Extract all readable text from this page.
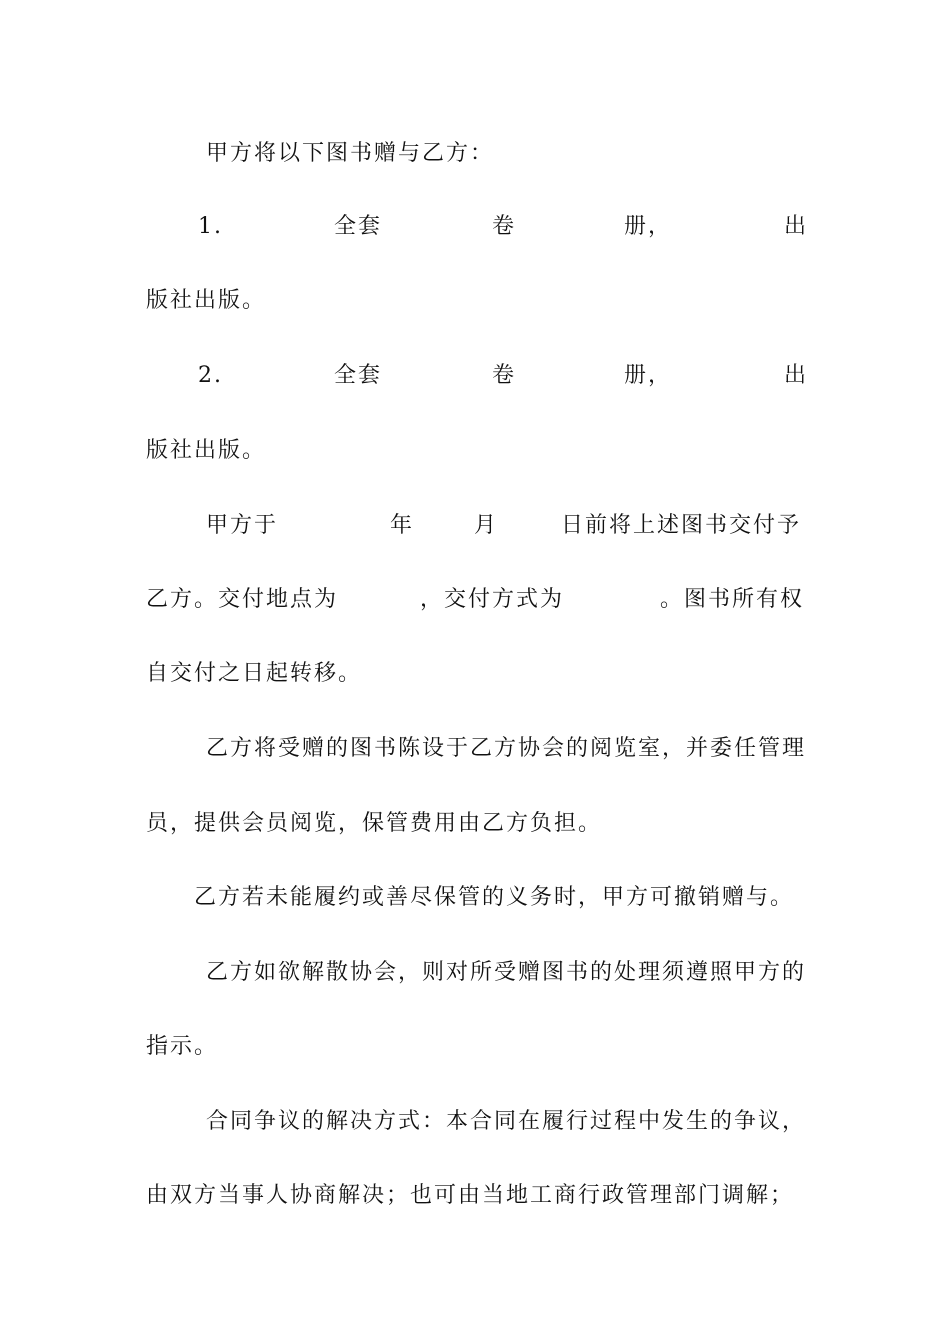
甲方将以下图书赠与乙方：
1.	全套	卷	册，	出
版社出版。
2.	全套	卷	册，	出
版社出版。
甲方于	年	月	日前将上述图书交付予
乙方。交付地点为	，交付方式为	。图书所有权
自交付之日起转移。
乙方将受赠的图书陈设于乙方协会的阅览室，并委任管理
员，提供会员阅览，保管费用由乙方负担。
乙方若未能履约或善尽保管的义务时，甲方可撤销赠与。
乙方如欲解散协会，则对所受赠图书的处理须遵照甲方的
指示。
合同争议的解决方式：本合同在履行过程中发生的争议，
由双方当事人协商解决；也可由当地工商行政管理部门调解；
